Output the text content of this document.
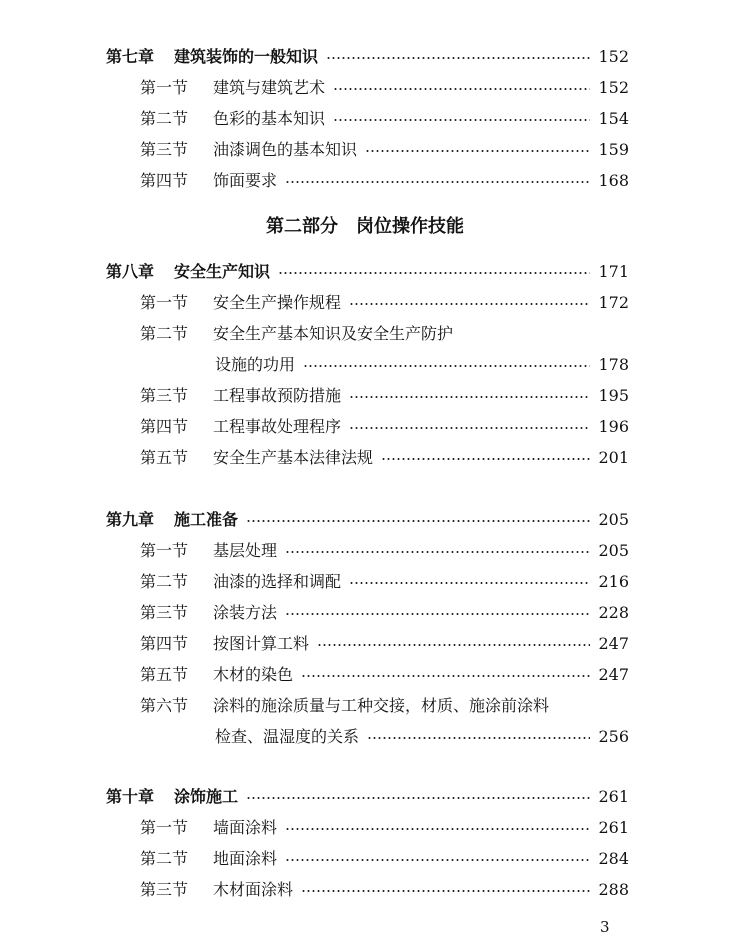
第二部分　岗位操作技能
3
第七章 建筑装饰的一般知识	152
第一节 建筑与建筑艺术	152
第二节 色彩的基本知识	154
第三节 油漆调色的基本知识	159
第四节 饰面要求	168
第八章 安全生产知识	171
第一节 安全生产操作规程	172
第二节 安全生产基本知识及安全生产防护
设施的功用	178
第三节 工程事故预防措施	195
第四节 工程事故处理程序	196
第五节 安全生产基本法律法规	201
第九章 施工准备	205
第一节 基层处理	205
第二节 油漆的选择和调配	216
第三节 涂装方法	228
第四节 按图计算工料	247
第五节 木材的染色	247
第六节 涂料的施涂质量与工种交接，材质、施涂前涂料
检查、温湿度的关系	256
第十章 涂饰施工	261
第一节 墙面涂料	261
第二节 地面涂料	284
第三节 木材面涂料	288
